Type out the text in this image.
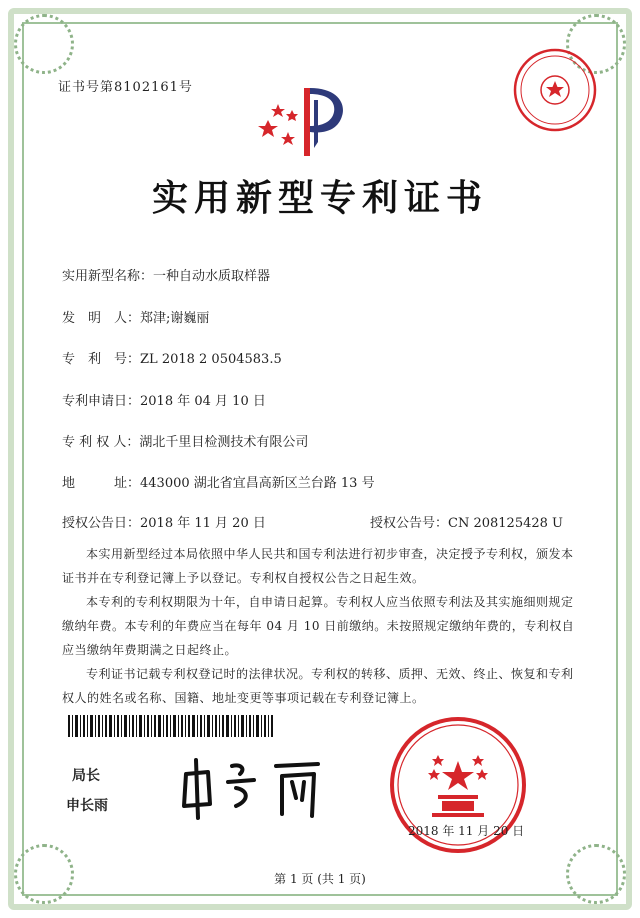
证书号第8102161号
实用新型专利证书
实用新型名称：一种自动水质取样器
发　明　人：郑津;谢巍丽
专　利　号：ZL 2018 2 0504583.5
专利申请日：2018 年 04 月 10 日
专 利 权 人：湖北千里目检测技术有限公司
地　　　址：443000 湖北省宜昌高新区兰台路 13 号
授权公告日：2018 年 11 月 20 日	授权公告号：CN 208125428 U
本实用新型经过本局依照中华人民共和国专利法进行初步审查，决定授予专利权，颁发本证书并在专利登记簿上予以登记。专利权自授权公告之日起生效。
本专利的专利权期限为十年，自申请日起算。专利权人应当依照专利法及其实施细则规定缴纳年费。本专利的年费应当在每年 04 月 10 日前缴纳。未按照规定缴纳年费的，专利权自应当缴纳年费期满之日起终止。
专利证书记载专利权登记时的法律状况。专利权的转移、质押、无效、终止、恢复和专利权人的姓名或名称、国籍、地址变更等事项记载在专利登记簿上。
局长
申长雨
2018 年 11 月 20 日
第 1 页 (共 1 页)
